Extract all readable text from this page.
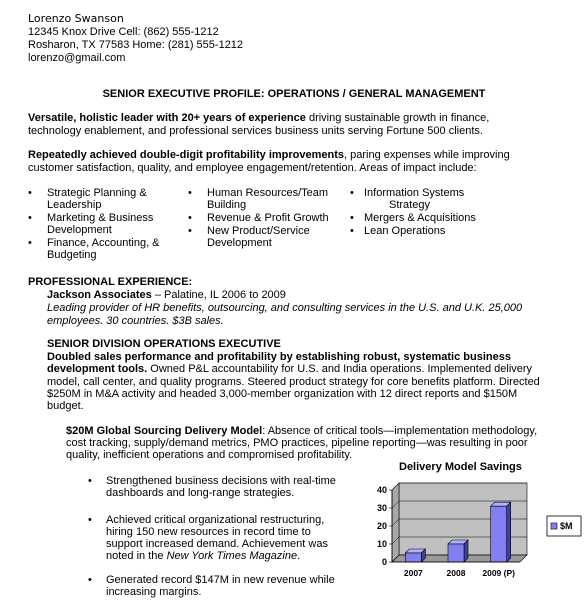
Lorenzo Swanson
12345 Knox Drive Cell: (862) 555-1212
Rosharon, TX 77583 Home: (281) 555-1212
lorenzo@gmail.com
SENIOR EXECUTIVE PROFILE: OPERATIONS / GENERAL MANAGEMENT
Versatile, holistic leader with 20+ years of experience driving sustainable growth in finance,
technology enablement, and professional services business units serving Fortune 500 clients.
Repeatedly achieved double-digit profitability improvements, paring expenses while improving
customer satisfaction, quality, and employee engagement/retention. Areas of impact include:
• Strategic Planning &
Leadership
• Marketing & Business
Development
• Finance, Accounting, &
Budgeting
• Human Resources/Team
Building
• Revenue & Profit Growth
• New Product/Service
Development
• Information Systems
Strategy
• Mergers & Acquisitions
• Lean Operations
PROFESSIONAL EXPERIENCE:
Jackson Associates – Palatine, IL 2006 to 2009
Leading provider of HR benefits, outsourcing, and consulting services in the U.S. and U.K. 25,000
employees. 30 countries. $3B sales.
SENIOR DIVISION OPERATIONS EXECUTIVE
Doubled sales performance and profitability by establishing robust, systematic business
development tools. Owned P&L accountability for U.S. and India operations. Implemented delivery
model, call center, and quality programs. Steered product strategy for core benefits platform. Directed
$250M in M&A activity and headed 3,000-member organization with 12 direct reports and $150M
budget.
$20M Global Sourcing Delivery Model: Absence of critical tools—implementation methodology,
cost tracking, supply/demand metrics, PMO practices, pipeline reporting—was resulting in poor
quality, inefficient operations and compromised profitability.
• Strengthened business decisions with real-time
dashboards and long-range strategies.
• Achieved critical organizational restructuring,
hiring 150 new resources in record time to
support increased demand. Achievement was
noted in the New York Times Magazine.
• Generated record $147M in new revenue while
increasing margins.
Delivery Model Savings
0
10
20
30
40
2007	2008 2009 (P)
$M
